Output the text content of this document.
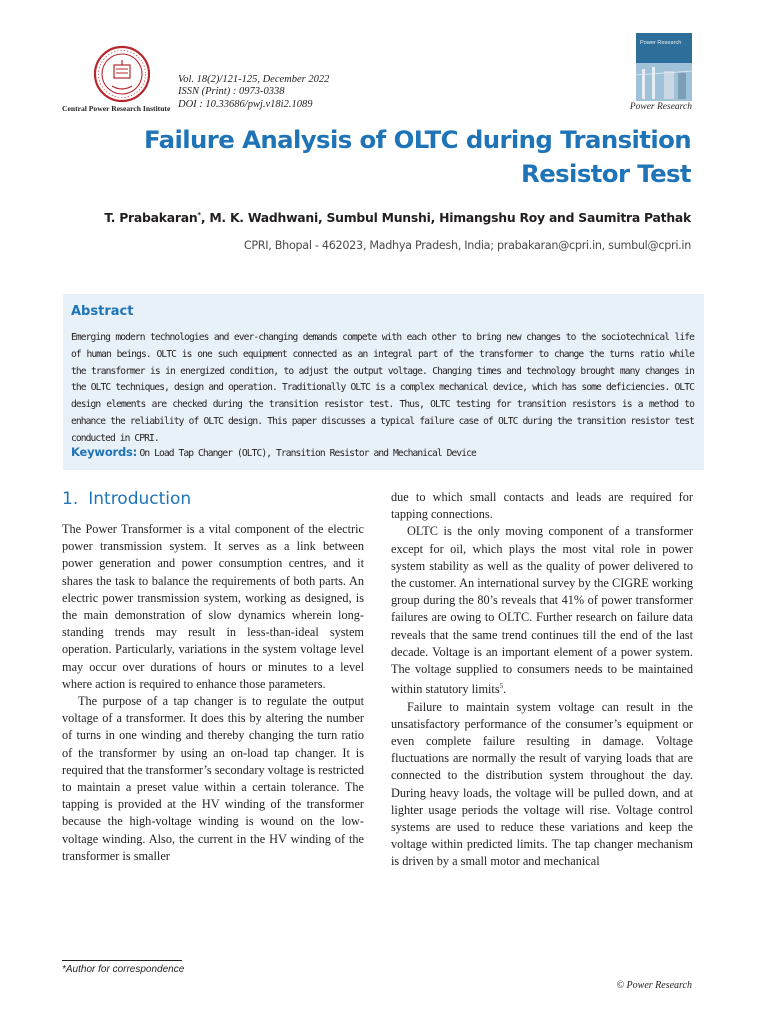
Central Power Research Institute
Vol. 18(2)/121-125, December 2022
ISSN (Print) : 0973-0338
DOI : 10.33686/pwj.v18i2.1089
Power Research
Power Research
Failure Analysis of OLTC during Transition Resistor Test
T. Prabakaran*, M. K. Wadhwani, Sumbul Munshi, Himangshu Roy and Saumitra Pathak
CPRI, Bhopal - 462023, Madhya Pradesh, India; prabakaran@cpri.in, sumbul@cpri.in
Abstract
Emerging modern technologies and ever-changing demands compete with each other to bring new changes to the sociotechnical life of human beings. OLTC is one such equipment connected as an integral part of the transformer to change the turns ratio while the transformer is in energized condition, to adjust the output voltage. Changing times and technology brought many changes in the OLTC techniques, design and operation. Traditionally OLTC is a complex mechanical device, which has some deficiencies. OLTC design elements are checked during the transition resistor test. Thus, OLTC testing for transition resistors is a method to enhance the reliability of OLTC design. This paper discusses a typical failure case of OLTC during the transition resistor test conducted in CPRI.
Keywords: On Load Tap Changer (OLTC), Transition Resistor and Mechanical Device
1. Introduction

The Power Transformer is a vital component of the electric power transmission system. It serves as a link between power generation and power consumption centres, and it shares the task to balance the requirements of both parts. An electric power transmission system, working as designed, is the main demonstration of slow dynamics wherein long-standing trends may result in less-than-ideal system operation. Particularly, variations in the system voltage level may occur over durations of hours or minutes to a level where action is required to enhance those parameters.

The purpose of a tap changer is to regulate the output voltage of a transformer. It does this by altering the number of turns in one winding and thereby changing the turn ratio of the transformer by using an on-load tap changer. It is required that the transformer’s secondary voltage is restricted to maintain a preset value within a certain tolerance. The tapping is provided at the HV winding of the transformer because the high-voltage winding is wound on the low-voltage winding. Also, the current in the HV winding of the transformer is smaller

due to which small contacts and leads are required for tapping connections.

OLTC is the only moving component of a transformer except for oil, which plays the most vital role in power system stability as well as the quality of power delivered to the customer. An international survey by the CIGRE working group during the 80’s reveals that 41% of power transformer failures are owing to OLTC. Further research on failure data reveals that the same trend continues till the end of the last decade. Voltage is an important element of a power system. The voltage supplied to consumers needs to be maintained within statutory limits$^5$.

Failure to maintain system voltage can result in the unsatisfactory performance of the consumer’s equipment or even complete failure resulting in damage. Voltage fluctuations are normally the result of varying loads that are connected to the distribution system throughout the day. During heavy loads, the voltage will be pulled down, and at lighter usage periods the voltage will rise. Voltage control systems are used to reduce these variations and keep the voltage within predicted limits. The tap changer mechanism is driven by a small motor and mechanical

*Author for correspondence
© Power Research
